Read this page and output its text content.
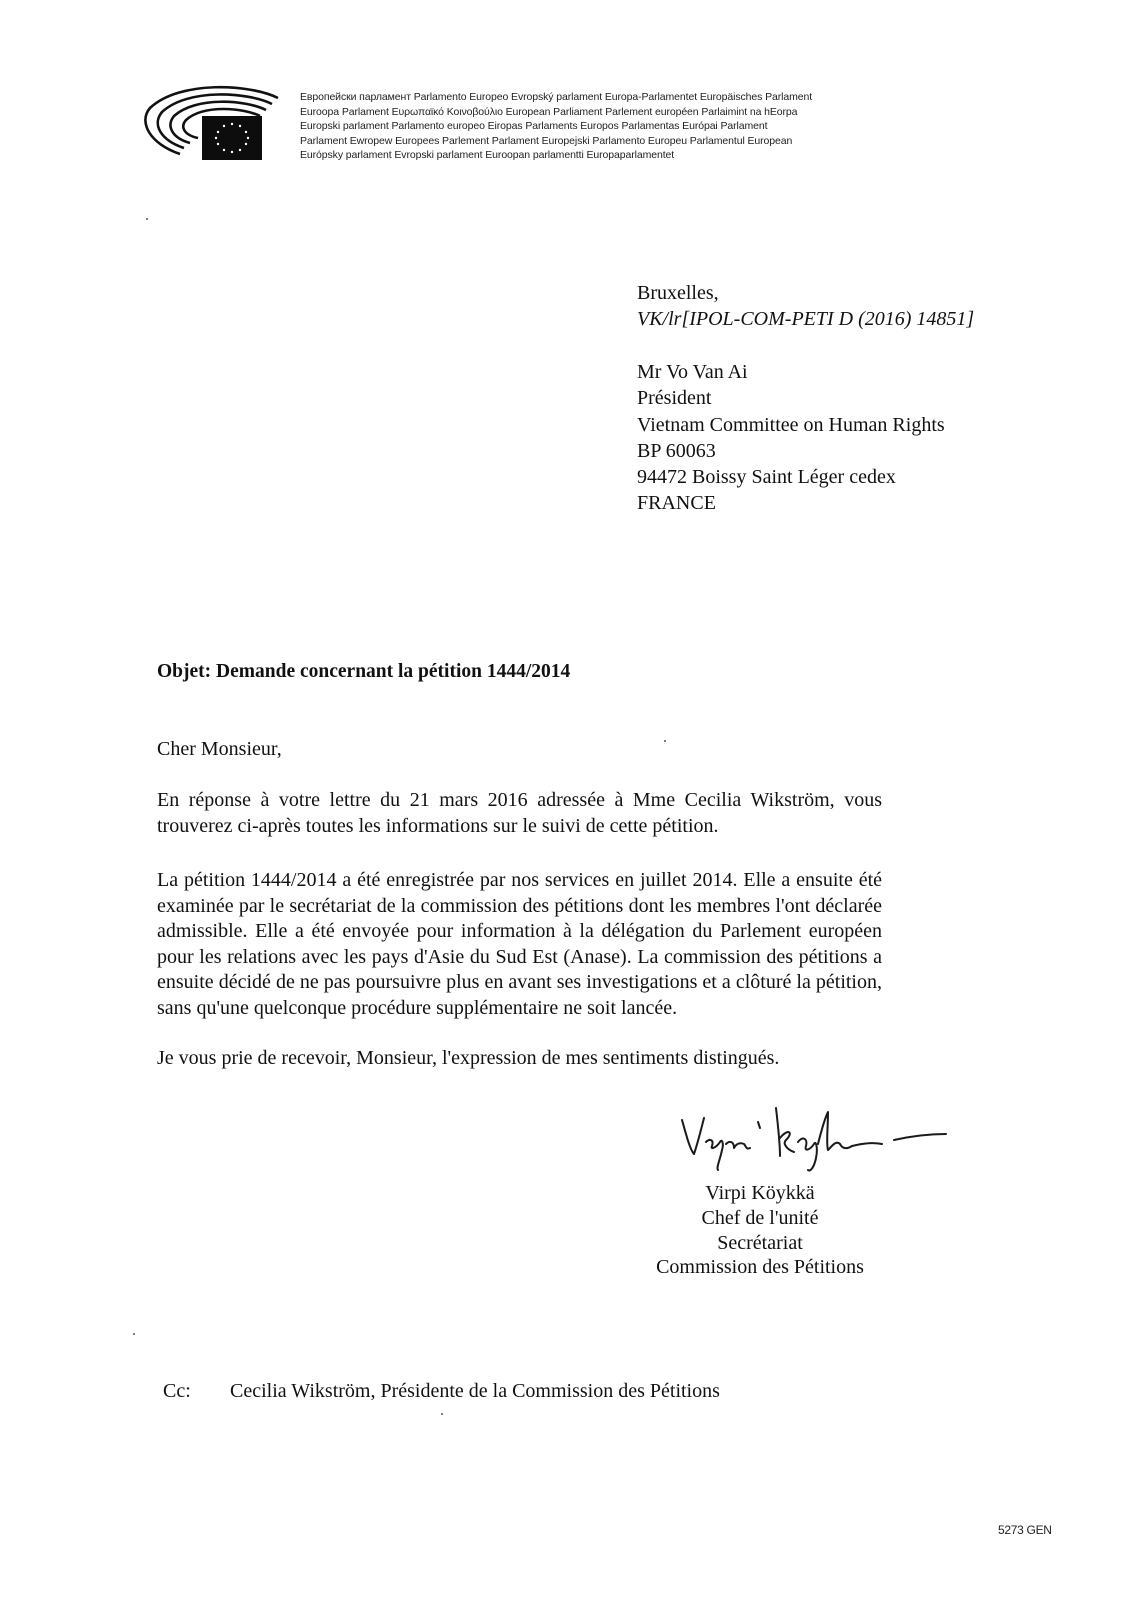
Европейски парламент Parlamento Europeo Evropský parlament Europa-Parlamentet Europäisches Parlament
Euroopa Parlament Ευρωπαϊκό Κοινοβούλιο European Parliament Parlement européen Parlaimint na hEorpa
Europski parlament Parlamento europeo Eiropas Parlaments Europos Parlamentas Európai Parlament
Parlament Ewropew Europees Parlement Parlament Europejski Parlamento Europeu Parlamentul European
Európsky parlament Evropski parlament Euroopan parlamentti Europaparlamentet
Bruxelles,
VK/lr[IPOL-COM-PETI D (2016) 14851]
Mr Vo Van Ai
Président
Vietnam Committee on Human Rights
BP 60063
94472 Boissy Saint Léger cedex
FRANCE
Objet: Demande concernant la pétition 1444/2014
Cher Monsieur,
En réponse à votre lettre du 21 mars 2016 adressée à Mme Cecilia Wikström, vous trouverez ci-après toutes les informations sur le suivi de cette pétition.
La pétition 1444/2014 a été enregistrée par nos services en juillet 2014. Elle a ensuite été examinée par le secrétariat de la commission des pétitions dont les membres l'ont déclarée admissible. Elle a été envoyée pour information à la délégation du Parlement européen pour les relations avec les pays d'Asie du Sud Est (Anase). La commission des pétitions a ensuite décidé de ne pas poursuivre plus en avant ses investigations et a clôturé la pétition, sans qu'une quelconque procédure supplémentaire ne soit lancée.
Je vous prie de recevoir, Monsieur, l'expression de mes sentiments distingués.
Virpi Köykkä
Chef de l'unité
Secrétariat
Commission des Pétitions
Cc: Cecilia Wikström, Présidente de la Commission des Pétitions
5273 GEN
